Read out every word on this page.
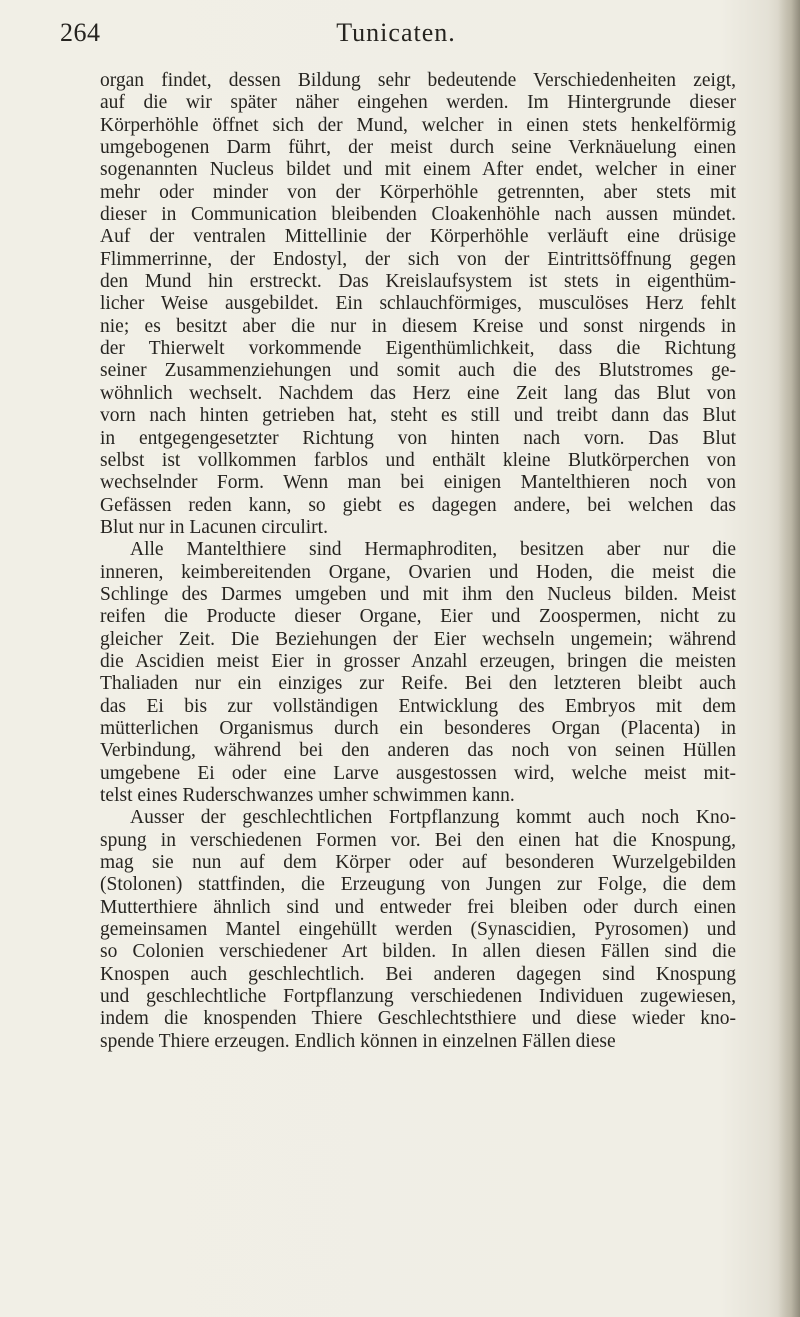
264	Tunicaten.
organ findet, dessen Bildung sehr bedeutende Verschiedenheiten zeigt,
auf die wir später näher eingehen werden. Im Hintergrunde dieser
Körperhöhle öffnet sich der Mund, welcher in einen stets henkelförmig
umgebogenen Darm führt, der meist durch seine Verknäuelung einen
sogenannten Nucleus bildet und mit einem After endet, welcher in einer
mehr oder minder von der Körperhöhle getrennten, aber stets mit
dieser in Communication bleibenden Cloakenhöhle nach aussen mündet.
Auf der ventralen Mittellinie der Körperhöhle verläuft eine drüsige
Flimmerrinne, der Endostyl, der sich von der Eintrittsöffnung gegen
den Mund hin erstreckt. Das Kreislaufsystem ist stets in eigenthüm-
licher Weise ausgebildet. Ein schlauchförmiges, musculöses Herz fehlt
nie; es besitzt aber die nur in diesem Kreise und sonst nirgends in
der Thierwelt vorkommende Eigenthümlichkeit, dass die Richtung
seiner Zusammenziehungen und somit auch die des Blutstromes ge-
wöhnlich wechselt. Nachdem das Herz eine Zeit lang das Blut von
vorn nach hinten getrieben hat, steht es still und treibt dann das Blut
in entgegengesetzter Richtung von hinten nach vorn. Das Blut
selbst ist vollkommen farblos und enthält kleine Blutkörperchen von
wechselnder Form. Wenn man bei einigen Mantelthieren noch von
Gefässen reden kann, so giebt es dagegen andere, bei welchen das
Blut nur in Lacunen circulirt.
Alle Mantelthiere sind Hermaphroditen, besitzen aber nur die
inneren, keimbereitenden Organe, Ovarien und Hoden, die meist die
Schlinge des Darmes umgeben und mit ihm den Nucleus bilden. Meist
reifen die Producte dieser Organe, Eier und Zoospermen, nicht zu
gleicher Zeit. Die Beziehungen der Eier wechseln ungemein; während
die Ascidien meist Eier in grosser Anzahl erzeugen, bringen die meisten
Thaliaden nur ein einziges zur Reife. Bei den letzteren bleibt auch
das Ei bis zur vollständigen Entwicklung des Embryos mit dem
mütterlichen Organismus durch ein besonderes Organ (Placenta) in
Verbindung, während bei den anderen das noch von seinen Hüllen
umgebene Ei oder eine Larve ausgestossen wird, welche meist mit-
telst eines Ruderschwanzes umher schwimmen kann.
Ausser der geschlechtlichen Fortpflanzung kommt auch noch Kno-
spung in verschiedenen Formen vor. Bei den einen hat die Knospung,
mag sie nun auf dem Körper oder auf besonderen Wurzelgebilden
(Stolonen) stattfinden, die Erzeugung von Jungen zur Folge, die dem
Mutterthiere ähnlich sind und entweder frei bleiben oder durch einen
gemeinsamen Mantel eingehüllt werden (Synascidien, Pyrosomen) und
so Colonien verschiedener Art bilden. In allen diesen Fällen sind die
Knospen auch geschlechtlich. Bei anderen dagegen sind Knospung
und geschlechtliche Fortpflanzung verschiedenen Individuen zugewiesen,
indem die knospenden Thiere Geschlechtsthiere und diese wieder kno-
spende Thiere erzeugen. Endlich können in einzelnen Fällen diese
